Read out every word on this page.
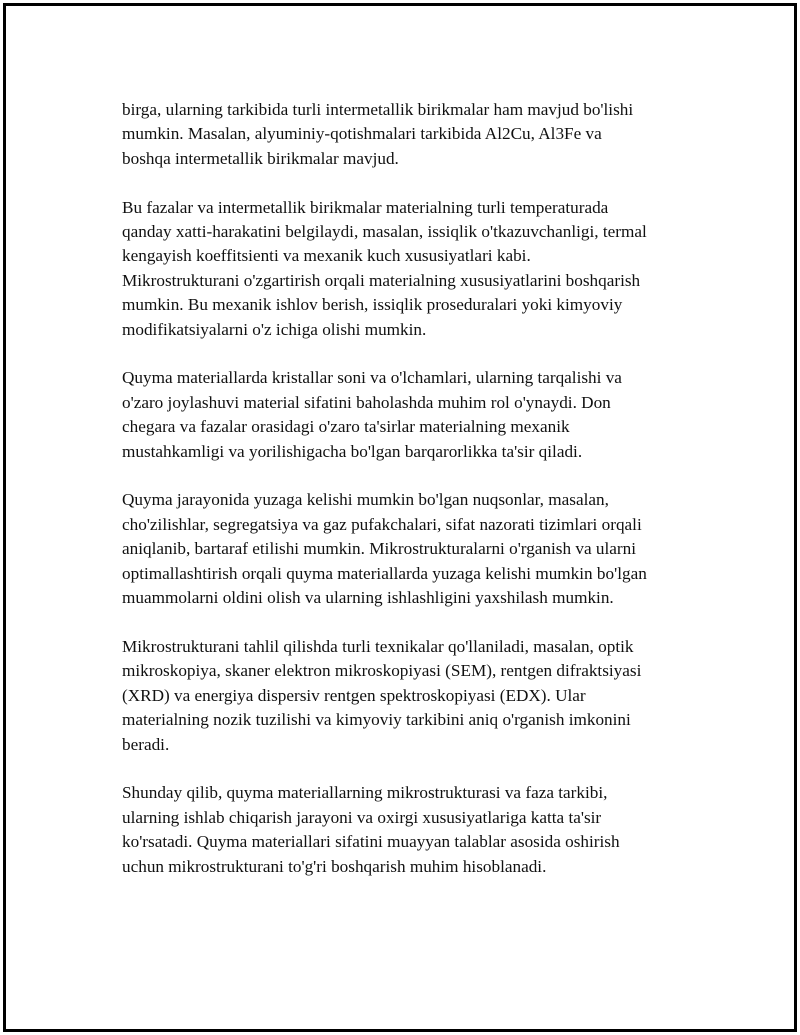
birga, ularning tarkibida turli intermetallik birikmalar ham mavjud bo'lishi
mumkin. Masalan, alyuminiy-qotishmalari tarkibida Al2Cu, Al3Fe va
boshqa intermetallik birikmalar mavjud.

Bu fazalar va intermetallik birikmalar materialning turli temperaturada
qanday xatti-harakatini belgilaydi, masalan, issiqlik o'tkazuvchanligi, termal
kengayish koeffitsienti va mexanik kuch xususiyatlari kabi.
Mikrostrukturani o'zgartirish orqali materialning xususiyatlarini boshqarish
mumkin. Bu mexanik ishlov berish, issiqlik proseduralari yoki kimyoviy
modifikatsiyalarni o'z ichiga olishi mumkin.

Quyma materiallarda kristallar soni va o'lchamlari, ularning tarqalishi va
o'zaro joylashuvi material sifatini baholashda muhim rol o'ynaydi. Don
chegara va fazalar orasidagi o'zaro ta'sirlar materialning mexanik
mustahkamligi va yorilishigacha bo'lgan barqarorlikka ta'sir qiladi.

Quyma jarayonida yuzaga kelishi mumkin bo'lgan nuqsonlar, masalan,
cho'zilishlar, segregatsiya va gaz pufakchalari, sifat nazorati tizimlari orqali
aniqlanib, bartaraf etilishi mumkin. Mikrostrukturalarni o'rganish va ularni
optimallashtirish orqali quyma materiallarda yuzaga kelishi mumkin bo'lgan
muammolarni oldini olish va ularning ishlashligini yaxshilash mumkin.

Mikrostrukturani tahlil qilishda turli texnikalar qo'llaniladi, masalan, optik
mikroskopiya, skaner elektron mikroskopiyasi (SEM), rentgen difraktsiyasi
(XRD) va energiya dispersiv rentgen spektroskopiyasi (EDX). Ular
materialning nozik tuzilishi va kimyoviy tarkibini aniq o'rganish imkonini
beradi.

Shunday qilib, quyma materiallarning mikrostrukturasi va faza tarkibi,
ularning ishlab chiqarish jarayoni va oxirgi xususiyatlariga katta ta'sir
ko'rsatadi. Quyma materiallari sifatini muayyan talablar asosida oshirish
uchun mikrostrukturani to'g'ri boshqarish muhim hisoblanadi.
